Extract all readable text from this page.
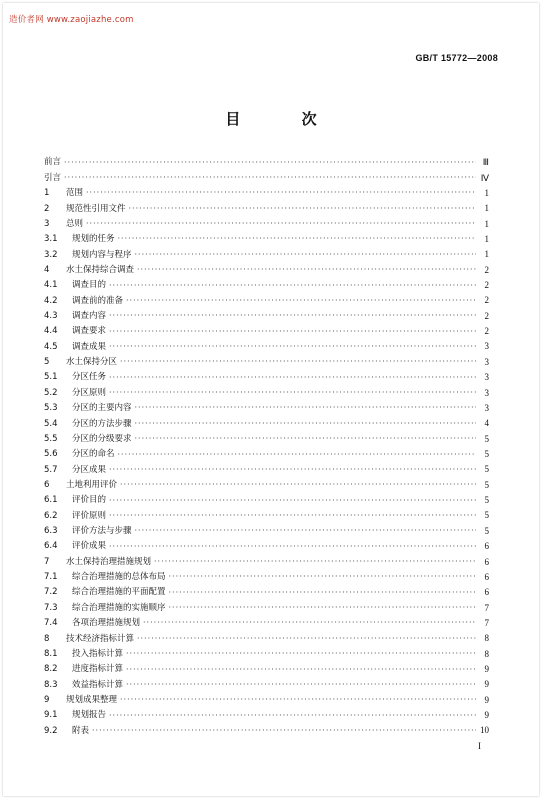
造价者网 www.zaojiazhe.com
GB/T 15772—2008
目 次
前言 ·····	Ⅲ
引言 ·····	Ⅳ
1	范围 ·····	1
2	规范性引用文件 ·····	1
3	总则 ·····	1
3.1	规划的任务 ·····	1
3.2	规划内容与程序 ·····	1
4	水土保持综合调查 ·····	2
4.1	调查目的 ·····	2
4.2	调查前的准备 ·····	2
4.3	调查内容 ·····	2
4.4	调查要求 ·····	2
4.5	调查成果 ·····	3
5	水土保持分区 ·····	3
5.1	分区任务 ·····	3
5.2	分区原则 ·····	3
5.3	分区的主要内容 ·····	3
5.4	分区的方法步骤 ·····	4
5.5	分区的分级要求 ·····	5
5.6	分区的命名 ·····	5
5.7	分区成果 ·····	5
6	土地利用评价 ·····	5
6.1	评价目的 ·····	5
6.2	评价原则 ·····	5
6.3	评价方法与步骤 ·····	5
6.4	评价成果 ·····	6
7	水土保持治理措施规划 ·····	6
7.1	综合治理措施的总体布局 ·····	6
7.2	综合治理措施的平面配置 ·····	6
7.3	综合治理措施的实施顺序 ·····	7
7.4	各项治理措施规划 ·····	7
8	技术经济指标计算 ·····	8
8.1	投入指标计算 ·····	8
8.2	进度指标计算 ·····	9
8.3	效益指标计算 ·····	9
9	规划成果整理 ·····	9
9.1	规划报告 ·····	9
9.2	附表 ·····	10
I
